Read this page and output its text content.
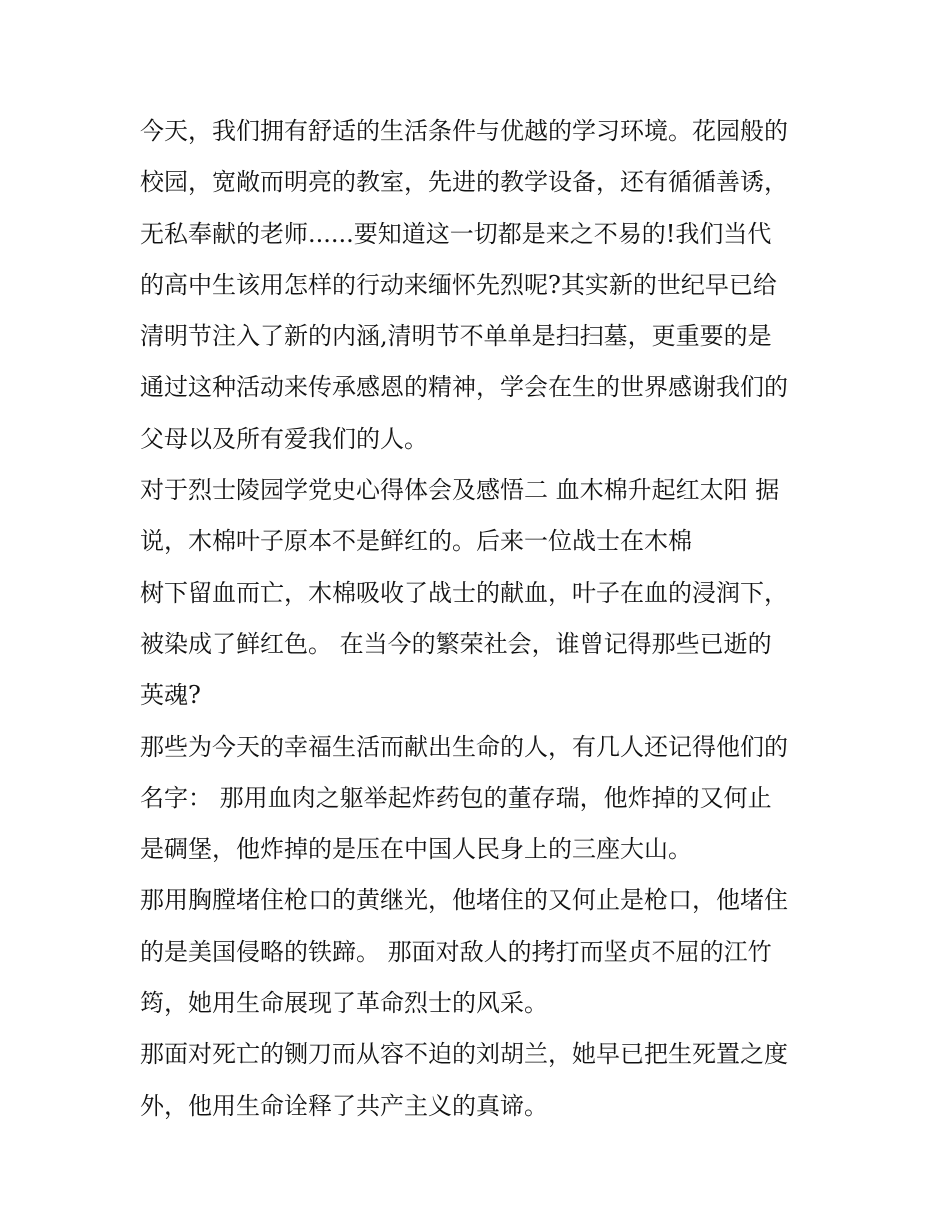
今天，我们拥有舒适的生活条件与优越的学习环境。花园般的
校园，宽敞而明亮的教室，先进的教学设备，还有循循善诱，
无私奉献的老师......要知道这一切都是来之不易的!我们当代
的高中生该用怎样的行动来缅怀先烈呢?其实新的世纪早已给
清明节注入了新的内涵,清明节不单单是扫扫墓，更重要的是
通过这种活动来传承感恩的精神，学会在生的世界感谢我们的
父母以及所有爱我们的人。
对于烈士陵园学党史心得体会及感悟二 血木棉升起红太阳 据
说，木棉叶子原本不是鲜红的。后来一位战士在木棉
树下留血而亡，木棉吸收了战士的献血，叶子在血的浸润下，
被染成了鲜红色。 在当今的繁荣社会，谁曾记得那些已逝的
英魂?
那些为今天的幸福生活而献出生命的人，有几人还记得他们的
名字： 那用血肉之躯举起炸药包的董存瑞，他炸掉的又何止
是碉堡，他炸掉的是压在中国人民身上的三座大山。
那用胸膛堵住枪口的黄继光，他堵住的又何止是枪口，他堵住
的是美国侵略的铁蹄。 那面对敌人的拷打而坚贞不屈的江竹
筠，她用生命展现了革命烈士的风采。
那面对死亡的铡刀而从容不迫的刘胡兰，她早已把生死置之度
外，他用生命诠释了共产主义的真谛。
